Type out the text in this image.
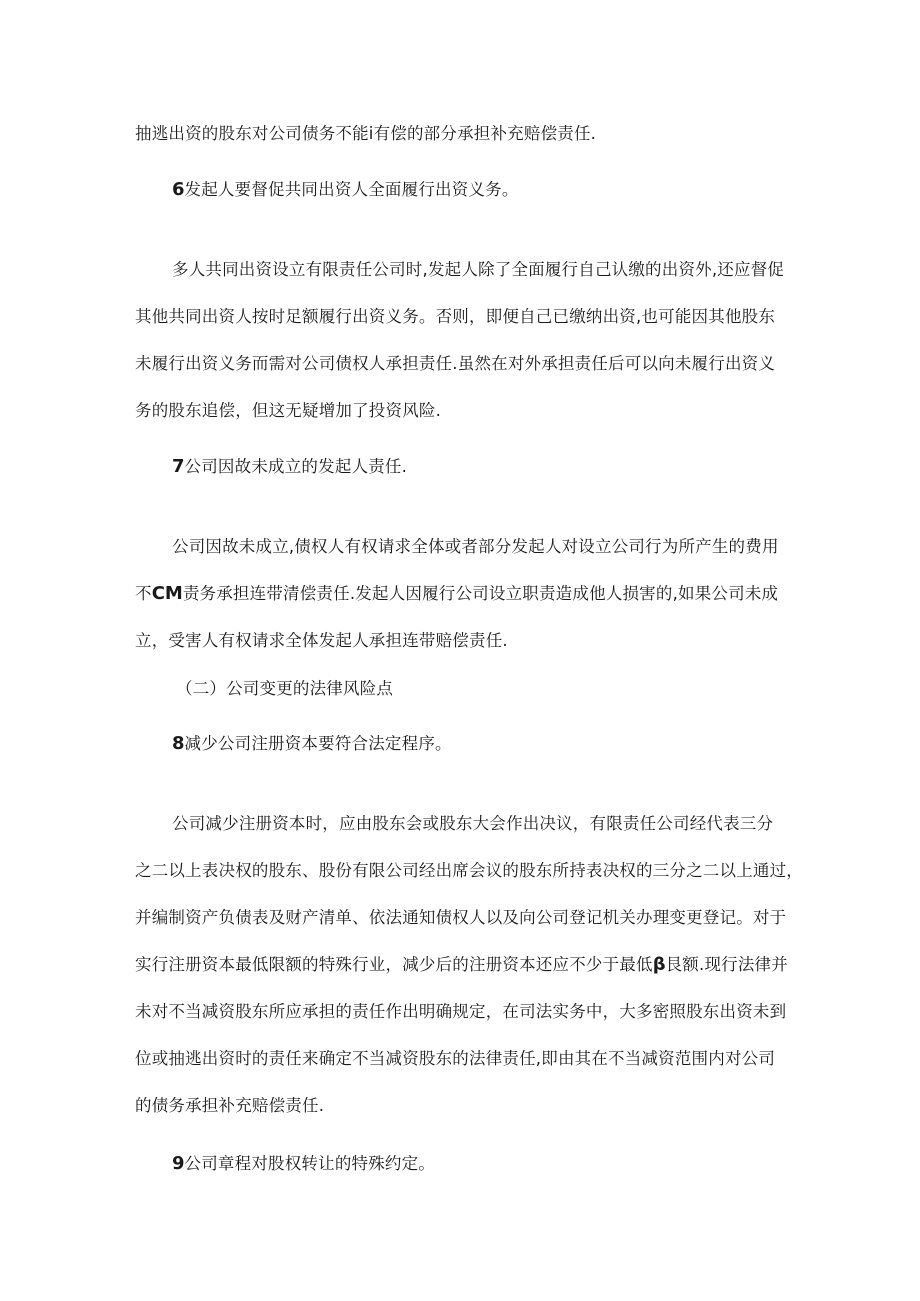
抽逃出资的股东对公司债务不能i有偿的部分承担补充赔偿责任.
6发起人要督促共同出资人全面履行出资义务。
多人共同出资设立有限责任公司时,发起人除了全面履行自己认缴的出资外,还应督促
其他共同出资人按时足额履行出资义务。否则，即便自己已缴纳出资,也可能因其他股东
未履行出资义务而需对公司债权人承担责任.虽然在对外承担责任后可以向未履行出资义
务的股东追偿，但这无疑增加了投资风险.
7公司因故未成立的发起人责任.
公司因故未成立,债权人有权请求全体或者部分发起人对设立公司行为所产生的费用
不CM责务承担连带清偿责任.发起人因履行公司设立职责造成他人损害的,如果公司未成
立，受害人有权请求全体发起人承担连带赔偿责任.
（二）公司变更的法律风险点
8减少公司注册资本要符合法定程序。
公司减少注册资本时，应由股东会或股东大会作出决议，有限责任公司经代表三分
之二以上表决权的股东、股份有限公司经出席会议的股东所持表决权的三分之二以上通过，
并编制资产负债表及财产清单、依法通知债权人以及向公司登记机关办理变更登记。对于
实行注册资本最低限额的特殊行业，减少后的注册资本还应不少于最低β艮额.现行法律并
未对不当减资股东所应承担的责任作出明确规定，在司法实务中，大多密照股东出资未到
位或抽逃出资时的责任来确定不当减资股东的法律责任,即由其在不当减资范围内对公司
的债务承担补充赔偿责任.
9公司章程对股权转让的特殊约定。
